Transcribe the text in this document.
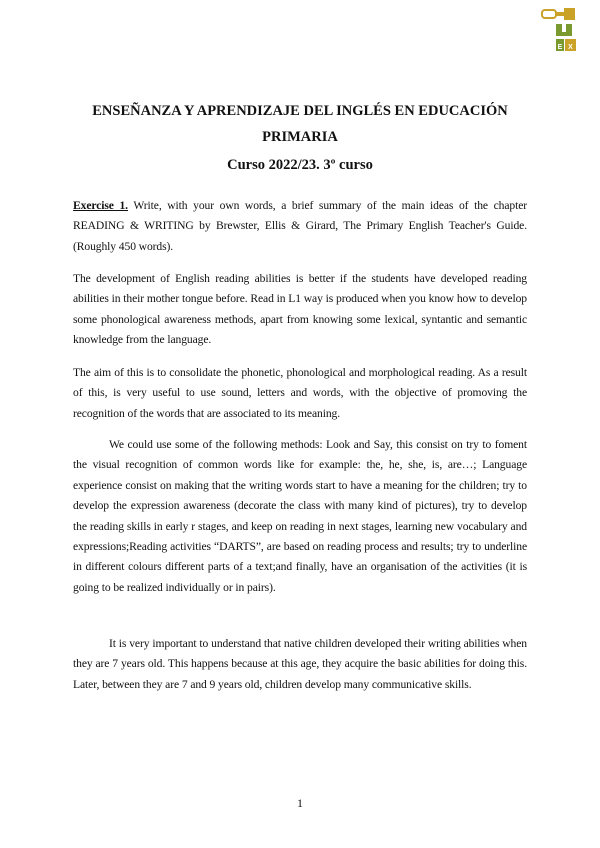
E X
ENSEÑANZA Y APRENDIZAJE DEL INGLÉS EN EDUCACIÓN PRIMARIA
Curso 2022/23. 3º curso

Exercise 1. Write, with your own words, a brief summary of the main ideas of the chapter READING & WRITING by Brewster, Ellis & Girard, The Primary English Teacher's Guide. (Roughly 450 words).

The development of English reading abilities is better if the students have developed reading abilities in their mother tongue before. Read in L1 way is produced when you know how to develop some phonological awareness methods, apart from knowing some lexical, syntantic and semantic knowledge from the language.

The aim of this is to consolidate the phonetic, phonological and morphological reading. As a result of this, is very useful to use sound, letters and words, with the objective of promoving the recognition of the words that are associated to its meaning.

We could use some of the following methods: Look and Say, this consist on try to foment the visual recognition of common words like for example: the, he, she, is, are…; Language experience consist on making that the writing words start to have a meaning for the children; try to develop the expression awareness (decorate the class with many kind of pictures), try to develop the reading skills in early r stages, and keep on reading in next stages, learning new vocabulary and expressions;Reading activities “DARTS”, are based on reading process and results; try to underline in different colours different parts of a text;and finally, have an organisation of the activities (it is going to be realized individually or in pairs).

It is very important to understand that native children developed their writing abilities when they are 7 years old. This happens because at this age, they acquire the basic abilities for doing this. Later, between they are 7 and 9 years old, children develop many communicative skills.

1
